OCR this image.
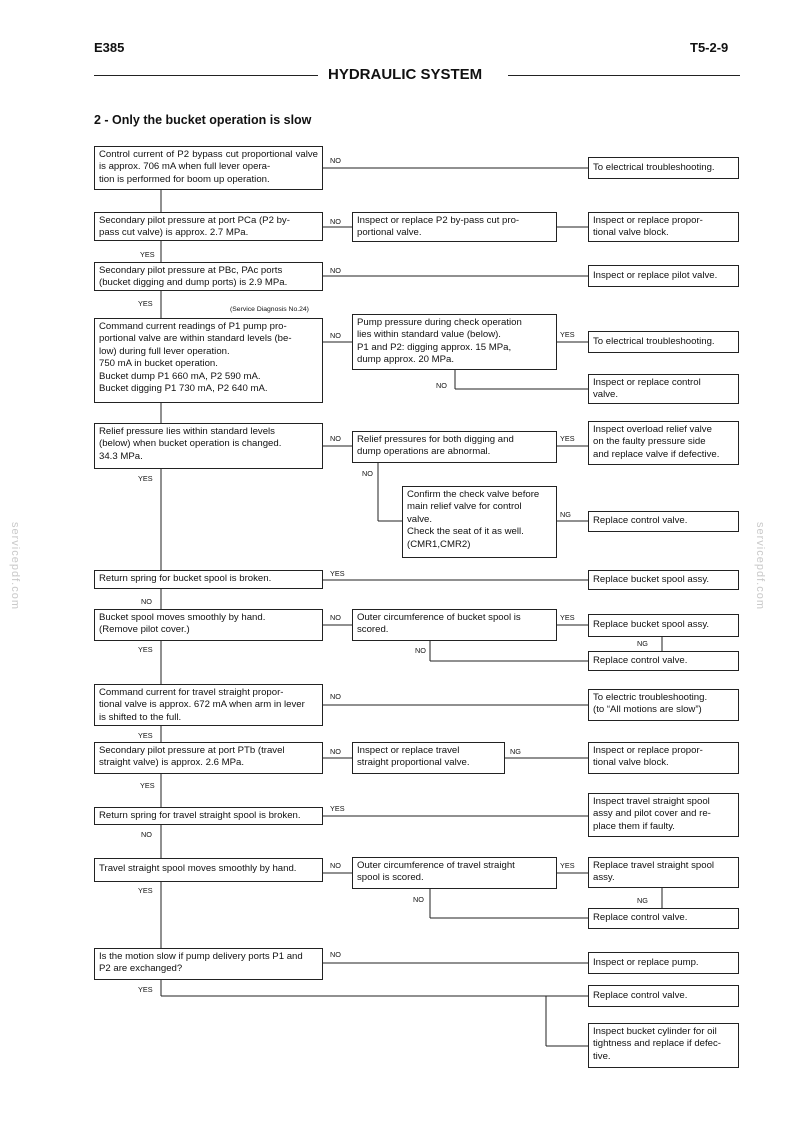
E385	T5-2-9
HYDRAULIC SYSTEM
2 - Only the bucket operation is slow
servicepdf.com	servicepdf.com
Control current of P2 bypass cut proportional valve is approx. 706 mA when full lever opera-
tion is performed for boom up operation.
To electrical troubleshooting.
NO
Secondary pilot pressure at port PCa (P2 by-
pass cut valve) is approx. 2.7 MPa.
Inspect or replace P2 by-pass cut pro-
portional valve.
Inspect or replace propor-
tional valve block.
NO
YES
Secondary pilot pressure at PBc, PAc ports
(bucket digging and dump ports) is 2.9 MPa.
Inspect or replace pilot valve.
NO
YES
(Service Diagnosis No.24)
Command current readings of P1 pump pro-
portional valve are within standard levels (be-
low) during full lever operation.
750 mA in bucket operation.
Bucket dump P1 660 mA, P2 590 mA.
Bucket digging P1 730 mA, P2 640 mA.
Pump pressure during check operation
lies within standard value (below).
P1 and P2: digging approx. 15 MPa,
dump approx. 20 MPa.
To electrical troubleshooting.
Inspect or replace control
valve.
NO	YES
NO
Relief pressure lies within standard levels
(below) when bucket operation is changed.
34.3 MPa.
Relief pressures for both digging and
dump operations are abnormal.
Inspect overload relief valve
on the faulty pressure side
and replace valve if defective.
NO	YES
NO
YES
Confirm the check valve before
main relief valve for control
valve.
Check the seat of it as well.
(CMR1,CMR2)
Replace control valve.
NG
Return spring for bucket spool is broken.	Replace bucket spool assy.
YES
NO
Bucket spool moves smoothly by hand.
(Remove pilot cover.)
Outer circumference of bucket spool is
scored.	Replace bucket spool assy.
Replace control valve.
NO	YES
NG
NO
YES
Command current for travel straight propor-
tional valve is approx. 672 mA when arm in lever
is shifted to the full.
To electric troubleshooting.
(to “All motions are slow”)
NO
YES
Secondary pilot pressure at port PTb (travel
straight valve) is approx. 2.6 MPa.
Inspect or replace travel
straight proportional valve.
Inspect or replace propor-
tional valve block.
NO	NG
YES
Return spring for travel straight spool is broken.
Inspect travel straight spool
assy and pilot cover and re-
place them if faulty.
YES
NO
Travel straight spool moves smoothly by hand.	Outer circumference of travel straight
spool is scored.
Replace travel straight spool
assy.
Replace control valve.
NO	YES
NG
NO
YES
Is the motion slow if pump delivery ports P1 and
P2 are exchanged?
Inspect or replace pump.
Replace control valve.
Inspect bucket cylinder for oil
tightness and replace if defec-
tive.
NO
YES
